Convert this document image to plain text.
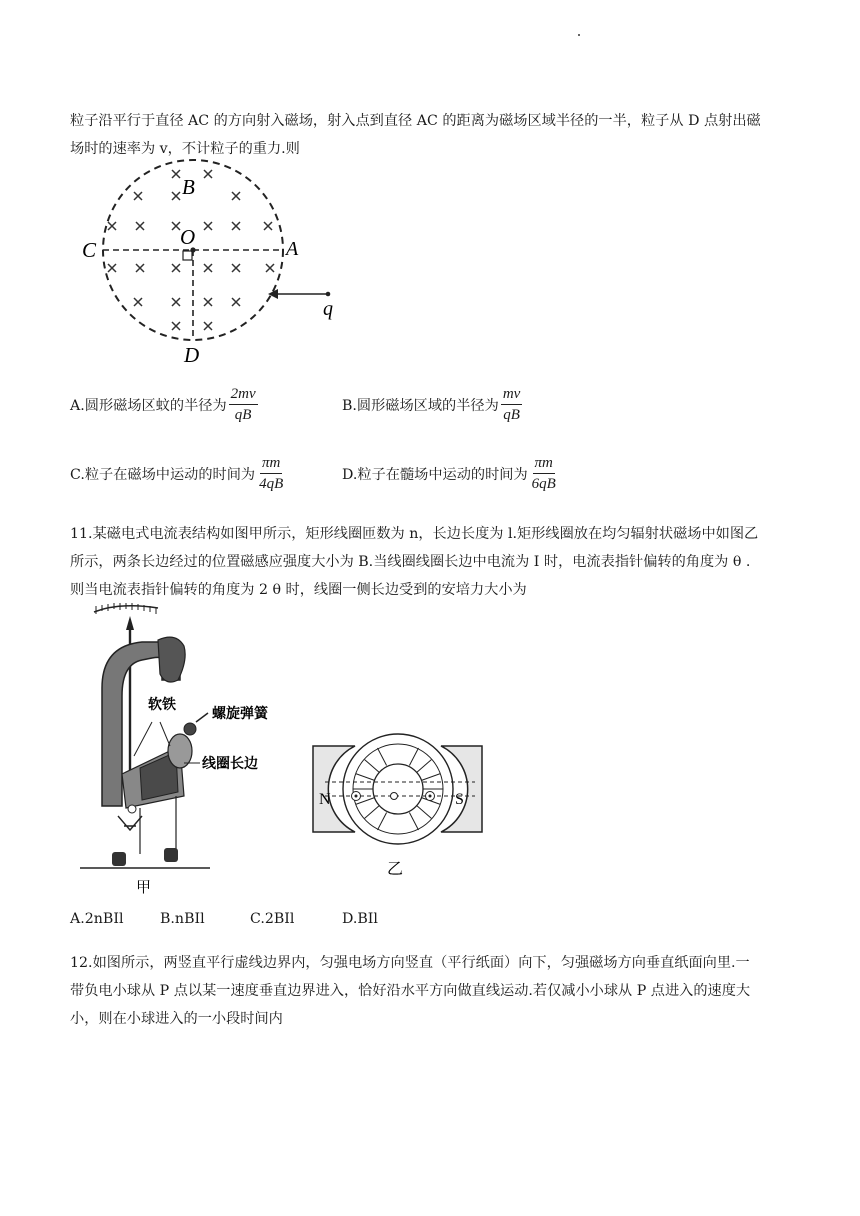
粒子沿平行于直径 AC 的方向射入磁场，射入点到直径 AC 的距离为磁场区域半径的一半，粒子从 D 点射出磁

场时的速率为 v，不计粒子的重力.则

B
O
C	A
D
q
A.圆形磁场区蚊的半径为 $\frac{2mv}{qB}$	B.圆形磁场区域的半径为 $\frac{mv}{qB}$
C.粒子在磁场中运动的时间为 $\frac{\pi m}{4qB}$	D.粒子在髓场中运动的时间为 $\frac{\pi m}{6qB}$

11.某磁电式电流表结构如图甲所示，矩形线圈匝数为 n，长边长度为 l.矩形线圈放在均匀辐射状磁场中如图乙

所示，两条长边经过的位置磁感应强度大小为 B.当线圈线圈长边中电流为 I 时，电流表指针偏转的角度为 θ .

则当电流表指针偏转的角度为 2 θ 时，线圈一侧长边受到的安培力大小为

软铁
螺旋弹簧
线圈长边
甲
N	S
乙
A.2nBIl	B.nBIl	C.2BIl	D.BIl

12.如图所示，两竖直平行虚线边界内，匀强电场方向竖直（平行纸面）向下，匀强磁场方向垂直纸面向里.一

带负电小球从 P 点以某一速度垂直边界进入，恰好沿水平方向做直线运动.若仅减小小球从 P 点进入的速度大

小，则在小球进入的一小段时间内
